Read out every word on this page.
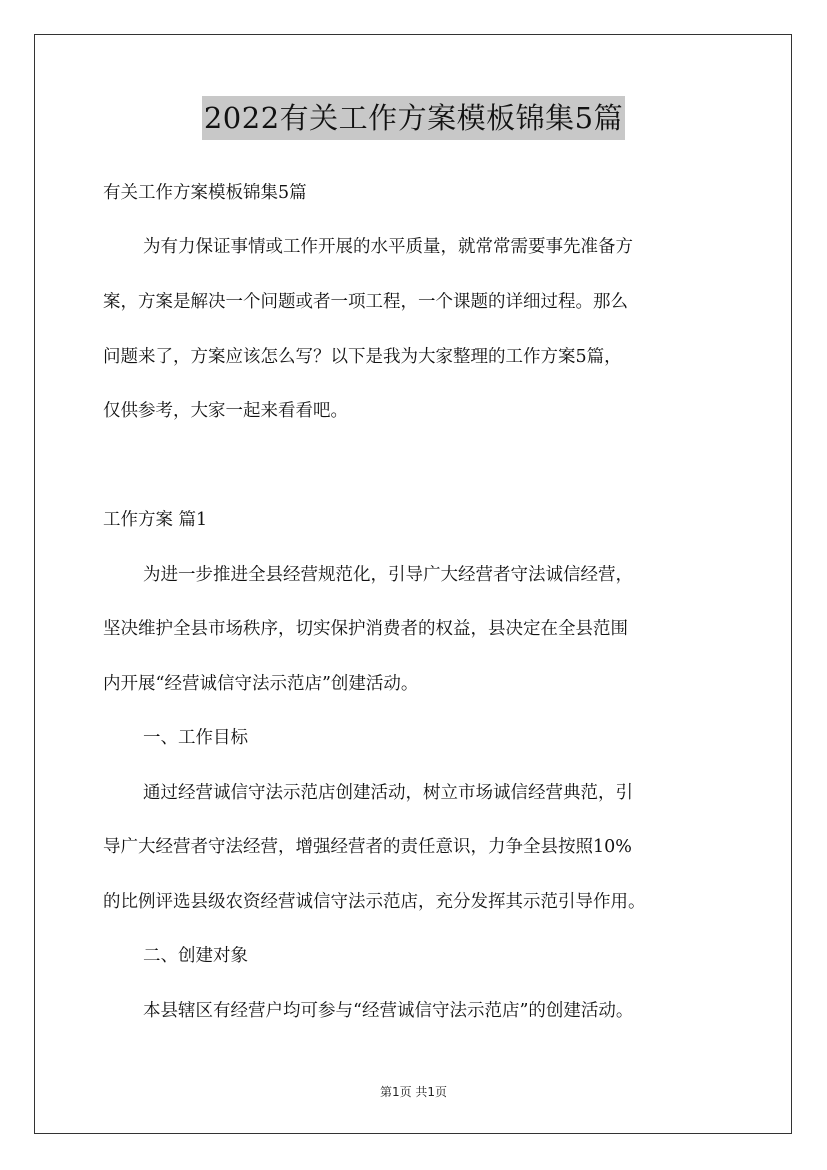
2022有关工作方案模板锦集5篇
有关工作方案模板锦集5篇
为有力保证事情或工作开展的水平质量，就常常需要事先准备方
案，方案是解决一个问题或者一项工程，一个课题的详细过程。那么
问题来了，方案应该怎么写？以下是我为大家整理的工作方案5篇，
仅供参考，大家一起来看看吧。
工作方案 篇1
为进一步推进全县经营规范化，引导广大经营者守法诚信经营，
坚决维护全县市场秩序，切实保护消费者的权益，县决定在全县范围
内开展“经营诚信守法示范店”创建活动。
一、工作目标
通过经营诚信守法示范店创建活动，树立市场诚信经营典范，引
导广大经营者守法经营，增强经营者的责任意识，力争全县按照10%
的比例评选县级农资经营诚信守法示范店，充分发挥其示范引导作用。
二、创建对象
本县辖区有经营户均可参与“经营诚信守法示范店”的创建活动。
第1页 共1页
